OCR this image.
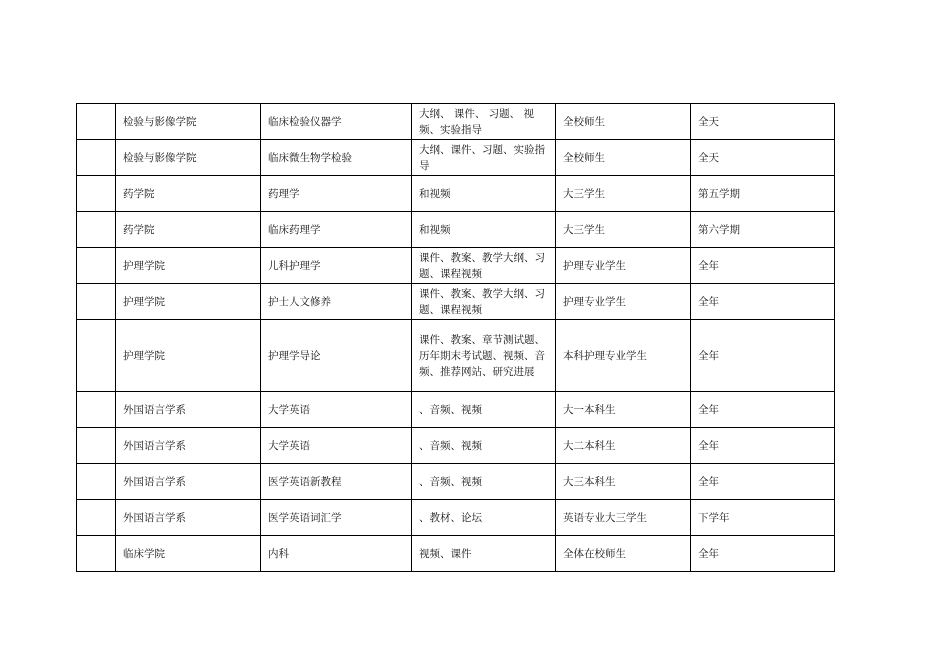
	检验与影像学院	临床检验仪器学	大纲、 课件、 习题、 视频、实验指导	全校师生	全天
	检验与影像学院	临床微生物学检验	大纲、课件、习题、实验指导	全校师生	全天
	药学院	药理学	和视频	大三学生	第五学期
	药学院	临床药理学	和视频	大三学生	第六学期
	护理学院	儿科护理学	课件、教案、教学大纲、习题、课程视频	护理专业学生	全年
	护理学院	护士人文修养	课件、教案、教学大纲、习题、课程视频	护理专业学生	全年
	护理学院	护理学导论	课件、教案、章节测试题、历年期末考试题、视频、音频、推荐网站、研究进展	本科护理专业学生	全年
	外国语言学系	大学英语	、音频、视频	大一本科生	全年
	外国语言学系	大学英语	、音频、视频	大二本科生	全年
	外国语言学系	医学英语新教程	、音频、视频	大三本科生	全年
	外国语言学系	医学英语词汇学	、教材、论坛	英语专业大三学生	下学年
	临床学院	内科	视频、课件	全体在校师生	全年
